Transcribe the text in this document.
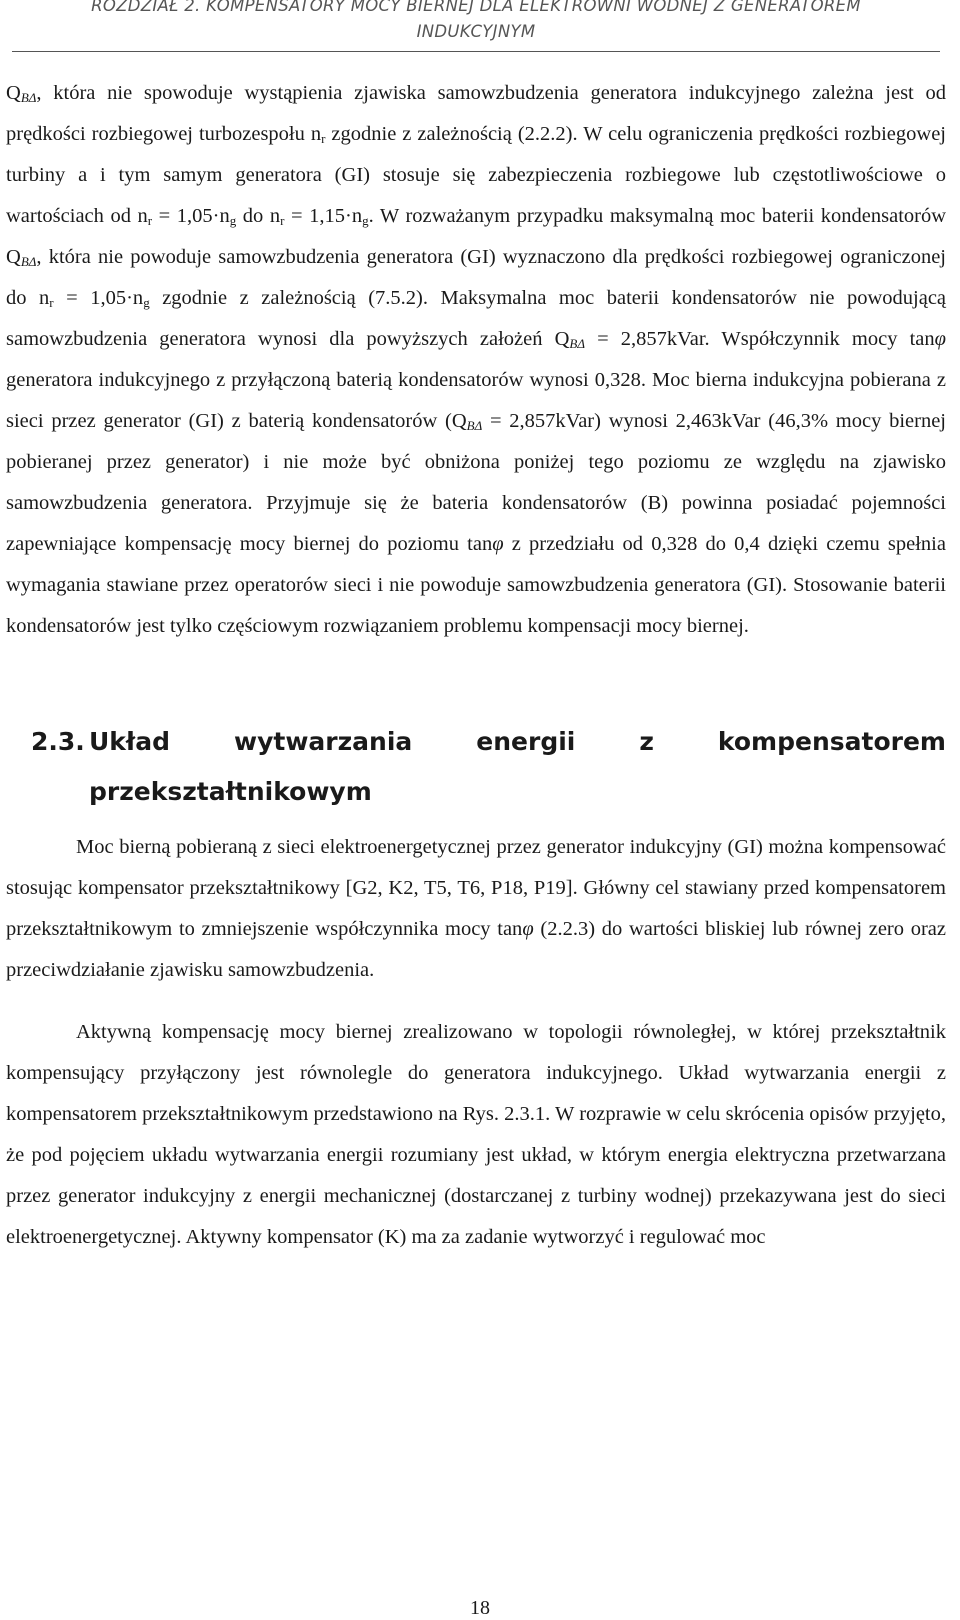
ROZDZIAŁ 2. KOMPENSATORY MOCY BIERNEJ DLA ELEKTROWNI WODNEJ Z GENERATOREM
INDUKCYJNYM

$Q_{B\Delta}$, która nie spowoduje wystąpienia zjawiska samowzbudzenia generatora indukcyjnego zależna jest od prędkości rozbiegowej turbozespołu $n_r$ zgodnie z zależnością (2.2.2). W celu ograniczenia prędkości rozbiegowej turbiny a i tym samym generatora (GI) stosuje się zabezpieczenia rozbiegowe lub częstotliwościowe o wartościach od $n_r = 1,05\cdot n_g$ do $n_r = 1,15\cdot n_g$. W rozważanym przypadku maksymalną moc baterii kondensatorów $Q_{B\Delta}$, która nie powoduje samowzbudzenia generatora (GI) wyznaczono dla prędkości rozbiegowej ograniczonej do $n_r = 1,05\cdot n_g$ zgodnie z zależnością (7.5.2). Maksymalna moc baterii kondensatorów nie powodującą samowzbudzenia generatora wynosi dla powyższych założeń $Q_{B\Delta}$ = 2,857kVar. Współczynnik mocy tanφ generatora indukcyjnego z przyłączoną baterią kondensatorów wynosi 0,328. Moc bierna indukcyjna pobierana z sieci przez generator (GI) z baterią kondensatorów ($Q_{B\Delta}$ = 2,857kVar) wynosi 2,463kVar (46,3% mocy biernej pobieranej przez generator) i nie może być obniżona poniżej tego poziomu ze względu na zjawisko samowzbudzenia generatora. Przyjmuje się że bateria kondensatorów (B) powinna posiadać pojemności zapewniające kompensację mocy biernej do poziomu tanφ z przedziału od 0,328 do 0,4 dzięki czemu spełnia wymagania stawiane przez operatorów sieci i nie powoduje samowzbudzenia generatora (GI). Stosowanie baterii kondensatorów jest tylko częściowym rozwiązaniem problemu kompensacji mocy biernej.

2.3. Układ	wytwarzania	energii	z	kompensatorem
przekształtnikowym

Moc bierną pobieraną z sieci elektroenergetycznej przez generator indukcyjny (GI) można kompensować stosując kompensator przekształtnikowy [G2, K2, T5, T6, P18, P19]. Główny cel stawiany przed kompensatorem przekształtnikowym to zmniejszenie współczynnika mocy tanφ (2.2.3) do wartości bliskiej lub równej zero oraz przeciwdziałanie zjawisku samowzbudzenia.

Aktywną kompensację mocy biernej zrealizowano w topologii równoległej, w której przekształtnik kompensujący przyłączony jest równolegle do generatora indukcyjnego. Układ wytwarzania energii z kompensatorem przekształtnikowym przedstawiono na Rys. 2.3.1. W rozprawie w celu skrócenia opisów przyjęto, że pod pojęciem układu wytwarzania energii rozumiany jest układ, w którym energia elektryczna przetwarzana przez generator indukcyjny z energii mechanicznej (dostarczanej z turbiny wodnej) przekazywana jest do sieci elektroenergetycznej. Aktywny kompensator (K) ma za zadanie wytworzyć i regulować moc

18
